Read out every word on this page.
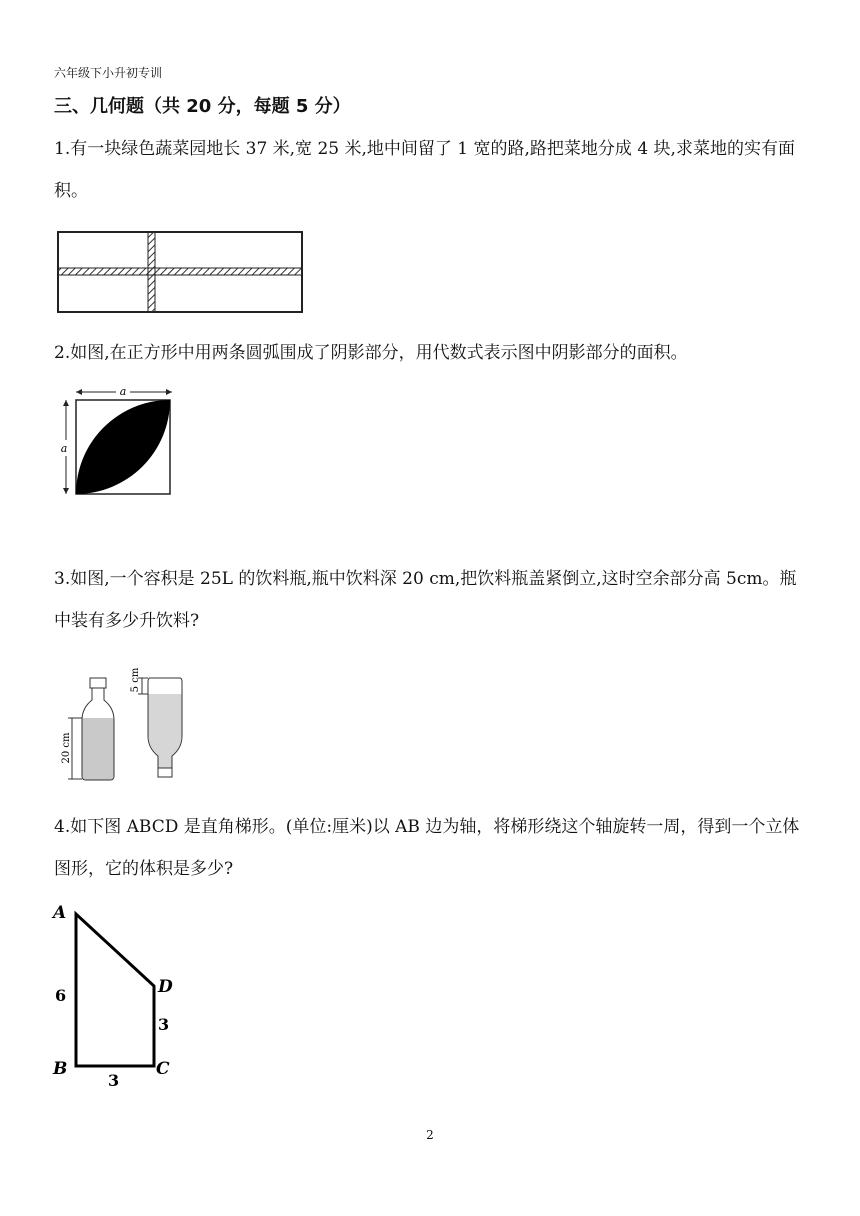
六年级下小升初专训
三、几何题（共 20 分，每题 5 分）
1.有一块绿色蔬菜园地长 37 米,宽 25 米,地中间留了 1 宽的路,路把菜地分成 4 块,求菜地的实有面积。
2.如图,在正方形中用两条圆弧围成了阴影部分，用代数式表示图中阴影部分的面积。
a
a
3.如图,一个容积是 25L 的饮料瓶,瓶中饮料深 20 cm,把饮料瓶盖紧倒立,这时空余部分高 5cm。瓶中装有多少升饮料?
20 cm
5 cm
4.如下图 ABCD 是直角梯形。(单位:厘米)以 AB 边为轴，将梯形绕这个轴旋转一周，得到一个立体图形，它的体积是多少?
A
B	C
D
6
3
3
2
